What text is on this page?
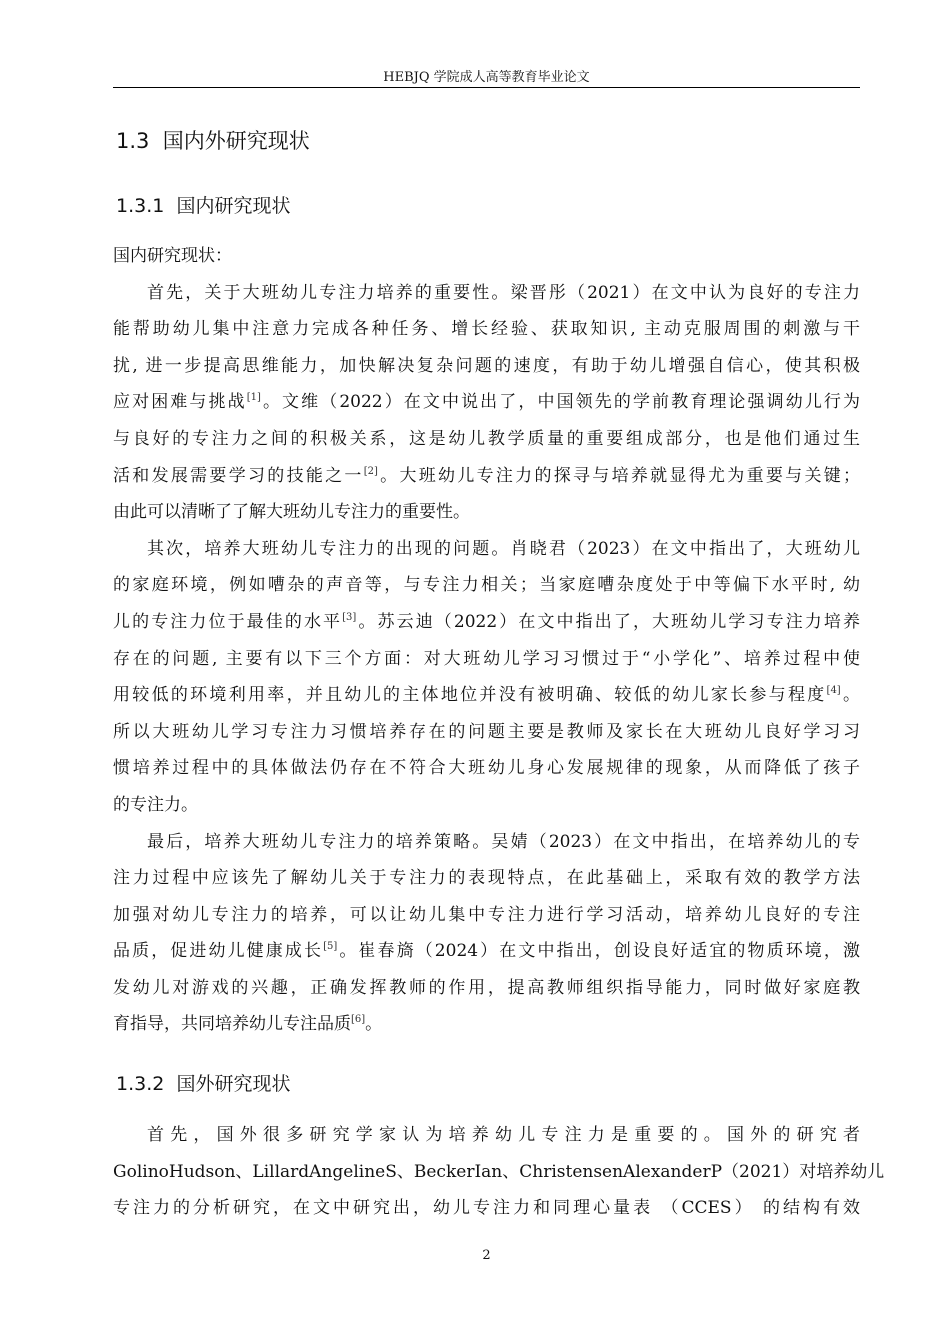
HEBJQ 学院成人高等教育毕业论文
1.3 国内外研究现状
1.3.1 国内研究现状
国内研究现状：
首先，关于大班幼儿专注力培养的重要性。梁晋彤（2021）在文中认为良好的专注力
能帮助幼儿集中注意力完成各种任务、增长经验、获取知识, 主动克服周围的刺激与干
扰, 进一步提高思维能力，加快解决复杂问题的速度，有助于幼儿增强自信心，使其积极
应对困难与挑战[1]。文维（2022）在文中说出了，中国领先的学前教育理论强调幼儿行为
与良好的专注力之间的积极关系，这是幼儿教学质量的重要组成部分，也是他们通过生
活和发展需要学习的技能之一[2]。大班幼儿专注力的探寻与培养就显得尤为重要与关键；
由此可以清晰了了解大班幼儿专注力的重要性。
其次，培养大班幼儿专注力的出现的问题。肖晓君（2023）在文中指出了，大班幼儿
的家庭环境，例如嘈杂的声音等，与专注力相关；当家庭嘈杂度处于中等偏下水平时, 幼
儿的专注力位于最佳的水平[3]。苏云迪（2022）在文中指出了，大班幼儿学习专注力培养
存在的问题, 主要有以下三个方面：对大班幼儿学习习惯过于“小学化”、培养过程中使
用较低的环境利用率，并且幼儿的主体地位并没有被明确、较低的幼儿家长参与程度[4]。
所以大班幼儿学习专注力习惯培养存在的问题主要是教师及家长在大班幼儿良好学习习
惯培养过程中的具体做法仍存在不符合大班幼儿身心发展规律的现象，从而降低了孩子
的专注力。
最后，培养大班幼儿专注力的培养策略。吴婧（2023）在文中指出，在培养幼儿的专
注力过程中应该先了解幼儿关于专注力的表现特点，在此基础上，采取有效的教学方法
加强对幼儿专注力的培养，可以让幼儿集中专注力进行学习活动，培养幼儿良好的专注
品质，促进幼儿健康成长[5]。崔春旖（2024）在文中指出，创设良好适宜的物质环境，激
发幼儿对游戏的兴趣，正确发挥教师的作用，提高教师组织指导能力，同时做好家庭教
育指导，共同培养幼儿专注品质[6]。
1.3.2 国外研究现状
首先，国外很多研究学家认为培养幼儿专注力是重要的。国外的研究者
GolinoHudson、LillardAngelineS、BeckerIan、ChristensenAlexanderP（2021）对培养幼儿
专注力的分析研究，在文中研究出，幼儿专注力和同理心量表 （CCES） 的结构有效
2
